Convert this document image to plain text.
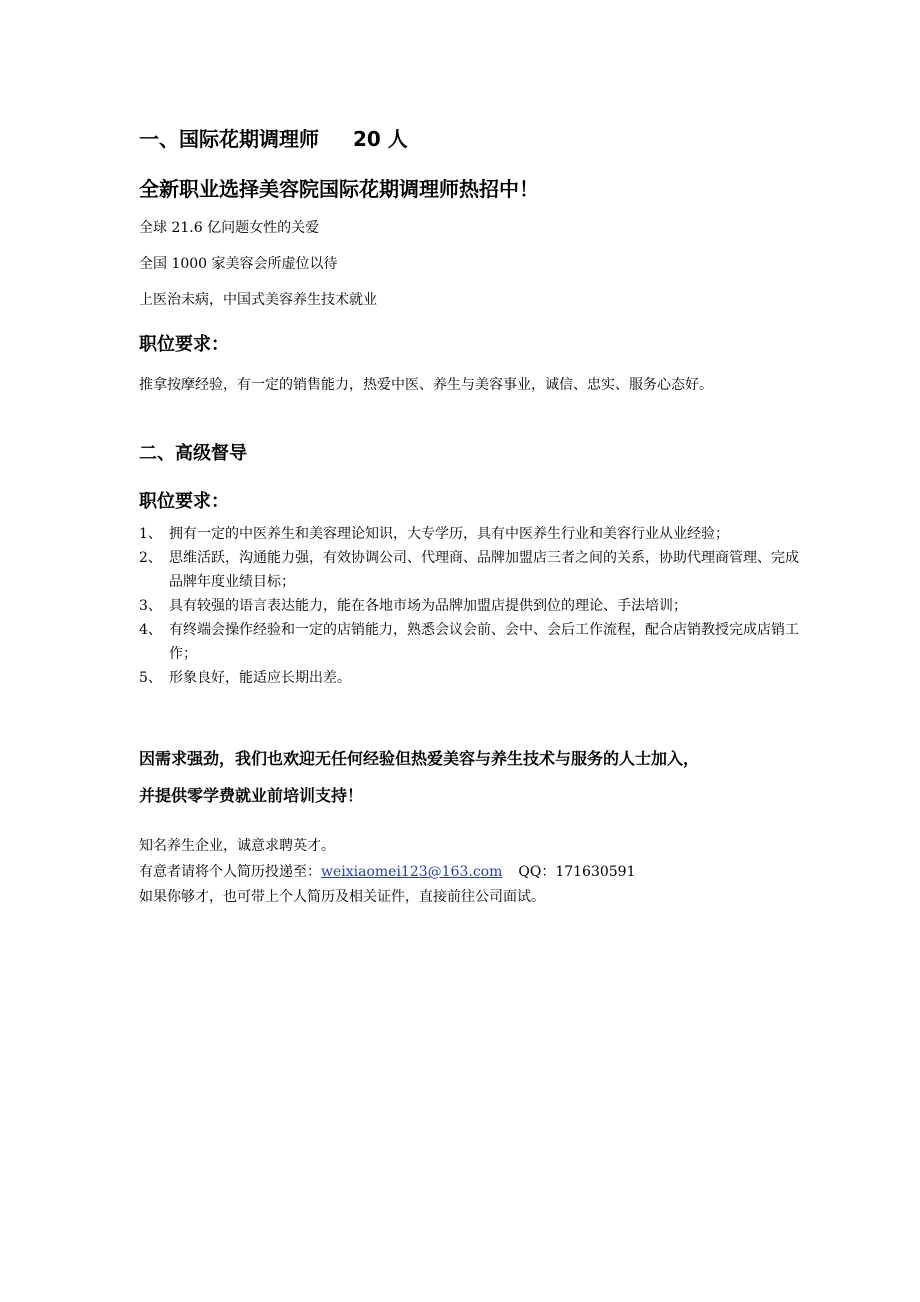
一、国际花期调理师 20 人
全新职业选择美容院国际花期调理师热招中！
全球 21.6 亿问题女性的关爱
全国 1000 家美容会所虚位以待
上医治未病，中国式美容养生技术就业
职位要求：
推拿按摩经验，有一定的销售能力，热爱中医、养生与美容事业，诚信、忠实、服务心态好。
二、高级督导
职位要求：
1、 拥有一定的中医养生和美容理论知识，大专学历，具有中医养生行业和美容行业从业经验；
2、 思维活跃，沟通能力强，有效协调公司、代理商、品牌加盟店三者之间的关系，协助代理商管理、完成品牌年度业绩目标；
3、 具有较强的语言表达能力，能在各地市场为品牌加盟店提供到位的理论、手法培训；
4、 有终端会操作经验和一定的店销能力，熟悉会议会前、会中、会后工作流程，配合店销教授完成店销工作；
5、 形象良好，能适应长期出差。
因需求强劲，我们也欢迎无任何经验但热爱美容与养生技术与服务的人士加入，
并提供零学费就业前培训支持！
知名养生企业，诚意求聘英才。
有意者请将个人简历投递至：weixiaomei123@163.com QQ：171630591
如果你够才，也可带上个人简历及相关证件，直接前往公司面试。
